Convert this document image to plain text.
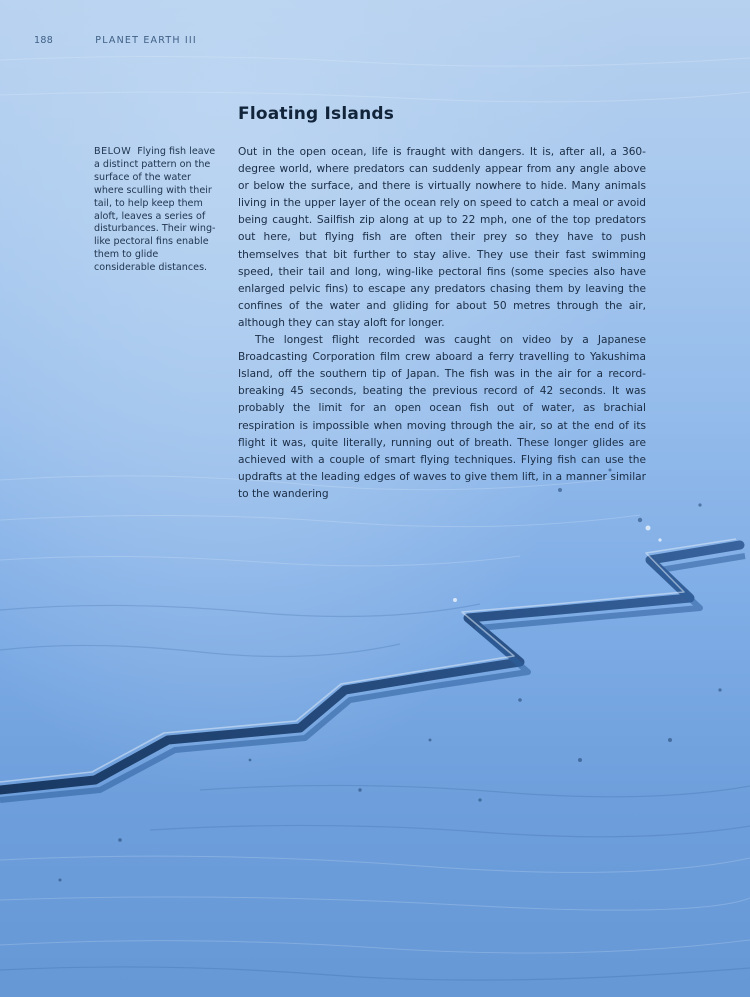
188	PLANET EARTH III
Floating Islands
BELOW Flying fish leave a distinct pattern on the surface of the water where sculling with their tail, to help keep them aloft, leaves a series of disturbances. Their wing-like pectoral fins enable them to glide considerable distances.

Out in the open ocean, life is fraught with dangers. It is, after all, a 360-degree world, where predators can suddenly appear from any angle above or below the surface, and there is virtually nowhere to hide. Many animals living in the upper layer of the ocean rely on speed to catch a meal or avoid being caught. Sailfish zip along at up to 22 mph, one of the top predators out here, but flying fish are often their prey so they have to push themselves that bit further to stay alive. They use their fast swimming speed, their tail and long, wing-like pectoral fins (some species also have enlarged pelvic fins) to escape any predators chasing them by leaving the confines of the water and gliding for about 50 metres through the air, although they can stay aloft for longer.

The longest flight recorded was caught on video by a Japanese Broadcasting Corporation film crew aboard a ferry travelling to Yakushima Island, off the southern tip of Japan. The fish was in the air for a record-breaking 45 seconds, beating the previous record of 42 seconds. It was probably the limit for an open ocean fish out of water, as brachial respiration is impossible when moving through the air, so at the end of its flight it was, quite literally, running out of breath. These longer glides are achieved with a couple of smart flying techniques. Flying fish can use the updrafts at the leading edges of waves to give them lift, in a manner similar to the wandering
